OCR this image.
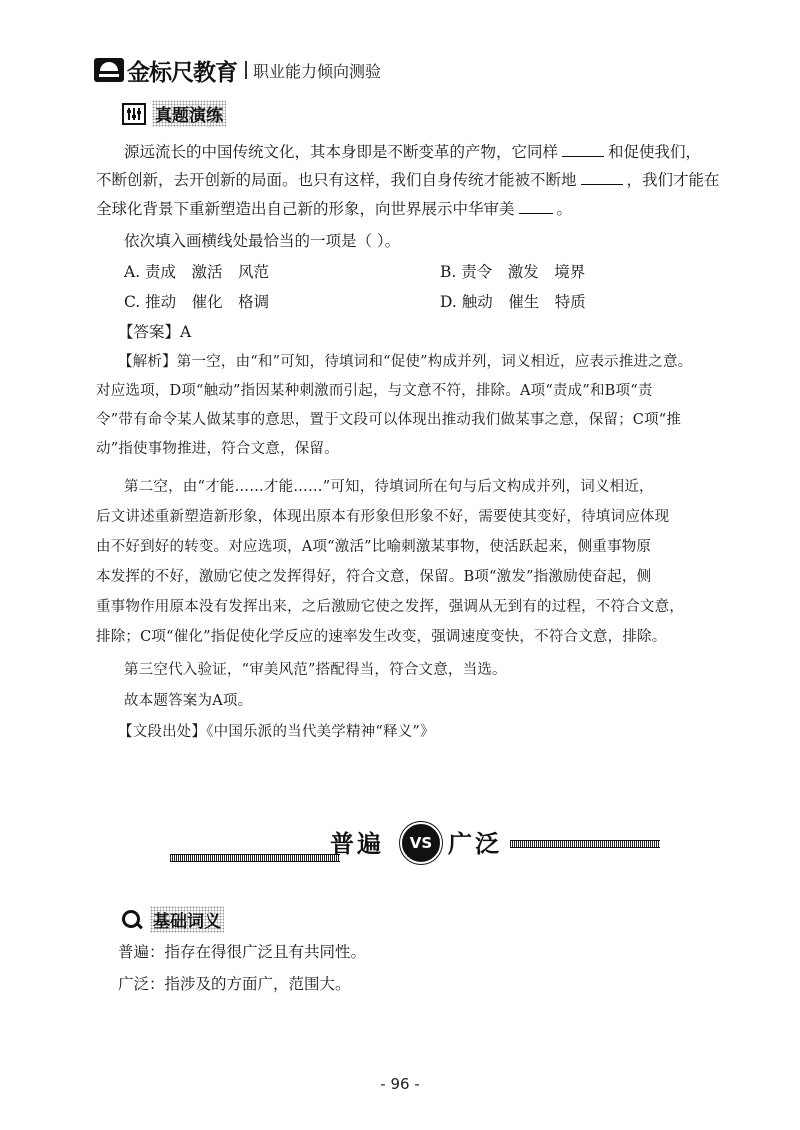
金标尺教育 职业能力倾向测验
真题演练
源远流长的中国传统文化，其本身即是不断变革的产物，它同样	和促使我们，
不断创新，去开创新的局面。也只有这样，我们自身传统才能被不断地	，我们才能在
全球化背景下重新塑造出自己新的形象，向世界展示中华审美	。
依次填入画横线处最恰当的一项是（ ）。
A. 责成　激活　风范	B. 责令　激发　境界
C. 推动　催化　格调	D. 触动　催生　特质
【答案】A
【解析】第一空，由“和”可知，待填词和“促使”构成并列，词义相近，应表示推进之意。
对应选项，D项“触动”指因某种刺激而引起，与文意不符，排除。A项“责成”和B项“责
令”带有命令某人做某事的意思，置于文段可以体现出推动我们做某事之意，保留；C项“推
动”指使事物推进，符合文意，保留。
第二空，由“才能……才能……”可知，待填词所在句与后文构成并列，词义相近，
后文讲述重新塑造新形象，体现出原本有形象但形象不好，需要使其变好，待填词应体现
由不好到好的转变。对应选项，A项“激活”比喻刺激某事物，使活跃起来，侧重事物原
本发挥的不好，激励它使之发挥得好，符合文意，保留。B项“激发”指激励使奋起，侧
重事物作用原本没有发挥出来，之后激励它使之发挥，强调从无到有的过程，不符合文意，
排除；C项“催化”指促使化学反应的速率发生改变，强调速度变快，不符合文意，排除。
第三空代入验证，“审美风范”搭配得当，符合文意，当选。
故本题答案为A项。
【文段出处】《中国乐派的当代美学精神“释义”》
普遍	VS 广泛
基础词义
普遍：指存在得很广泛且有共同性。
广泛：指涉及的方面广，范围大。
- 96 -
